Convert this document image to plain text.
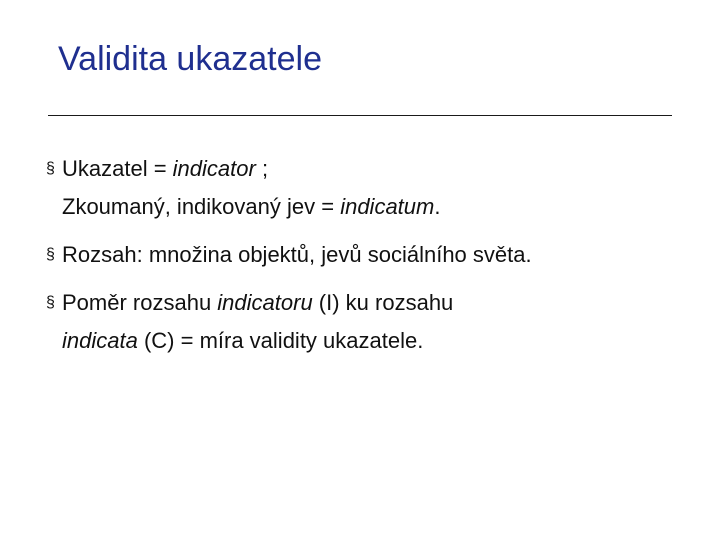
Validita ukazatele
§ Ukazatel = indicator ;
Zkoumaný, indikovaný jev = indicatum.
§ Rozsah: množina objektů, jevů sociálního světa.
§ Poměr rozsahu indicatoru (I) ku rozsahu
indicata (C) = míra validity ukazatele.
